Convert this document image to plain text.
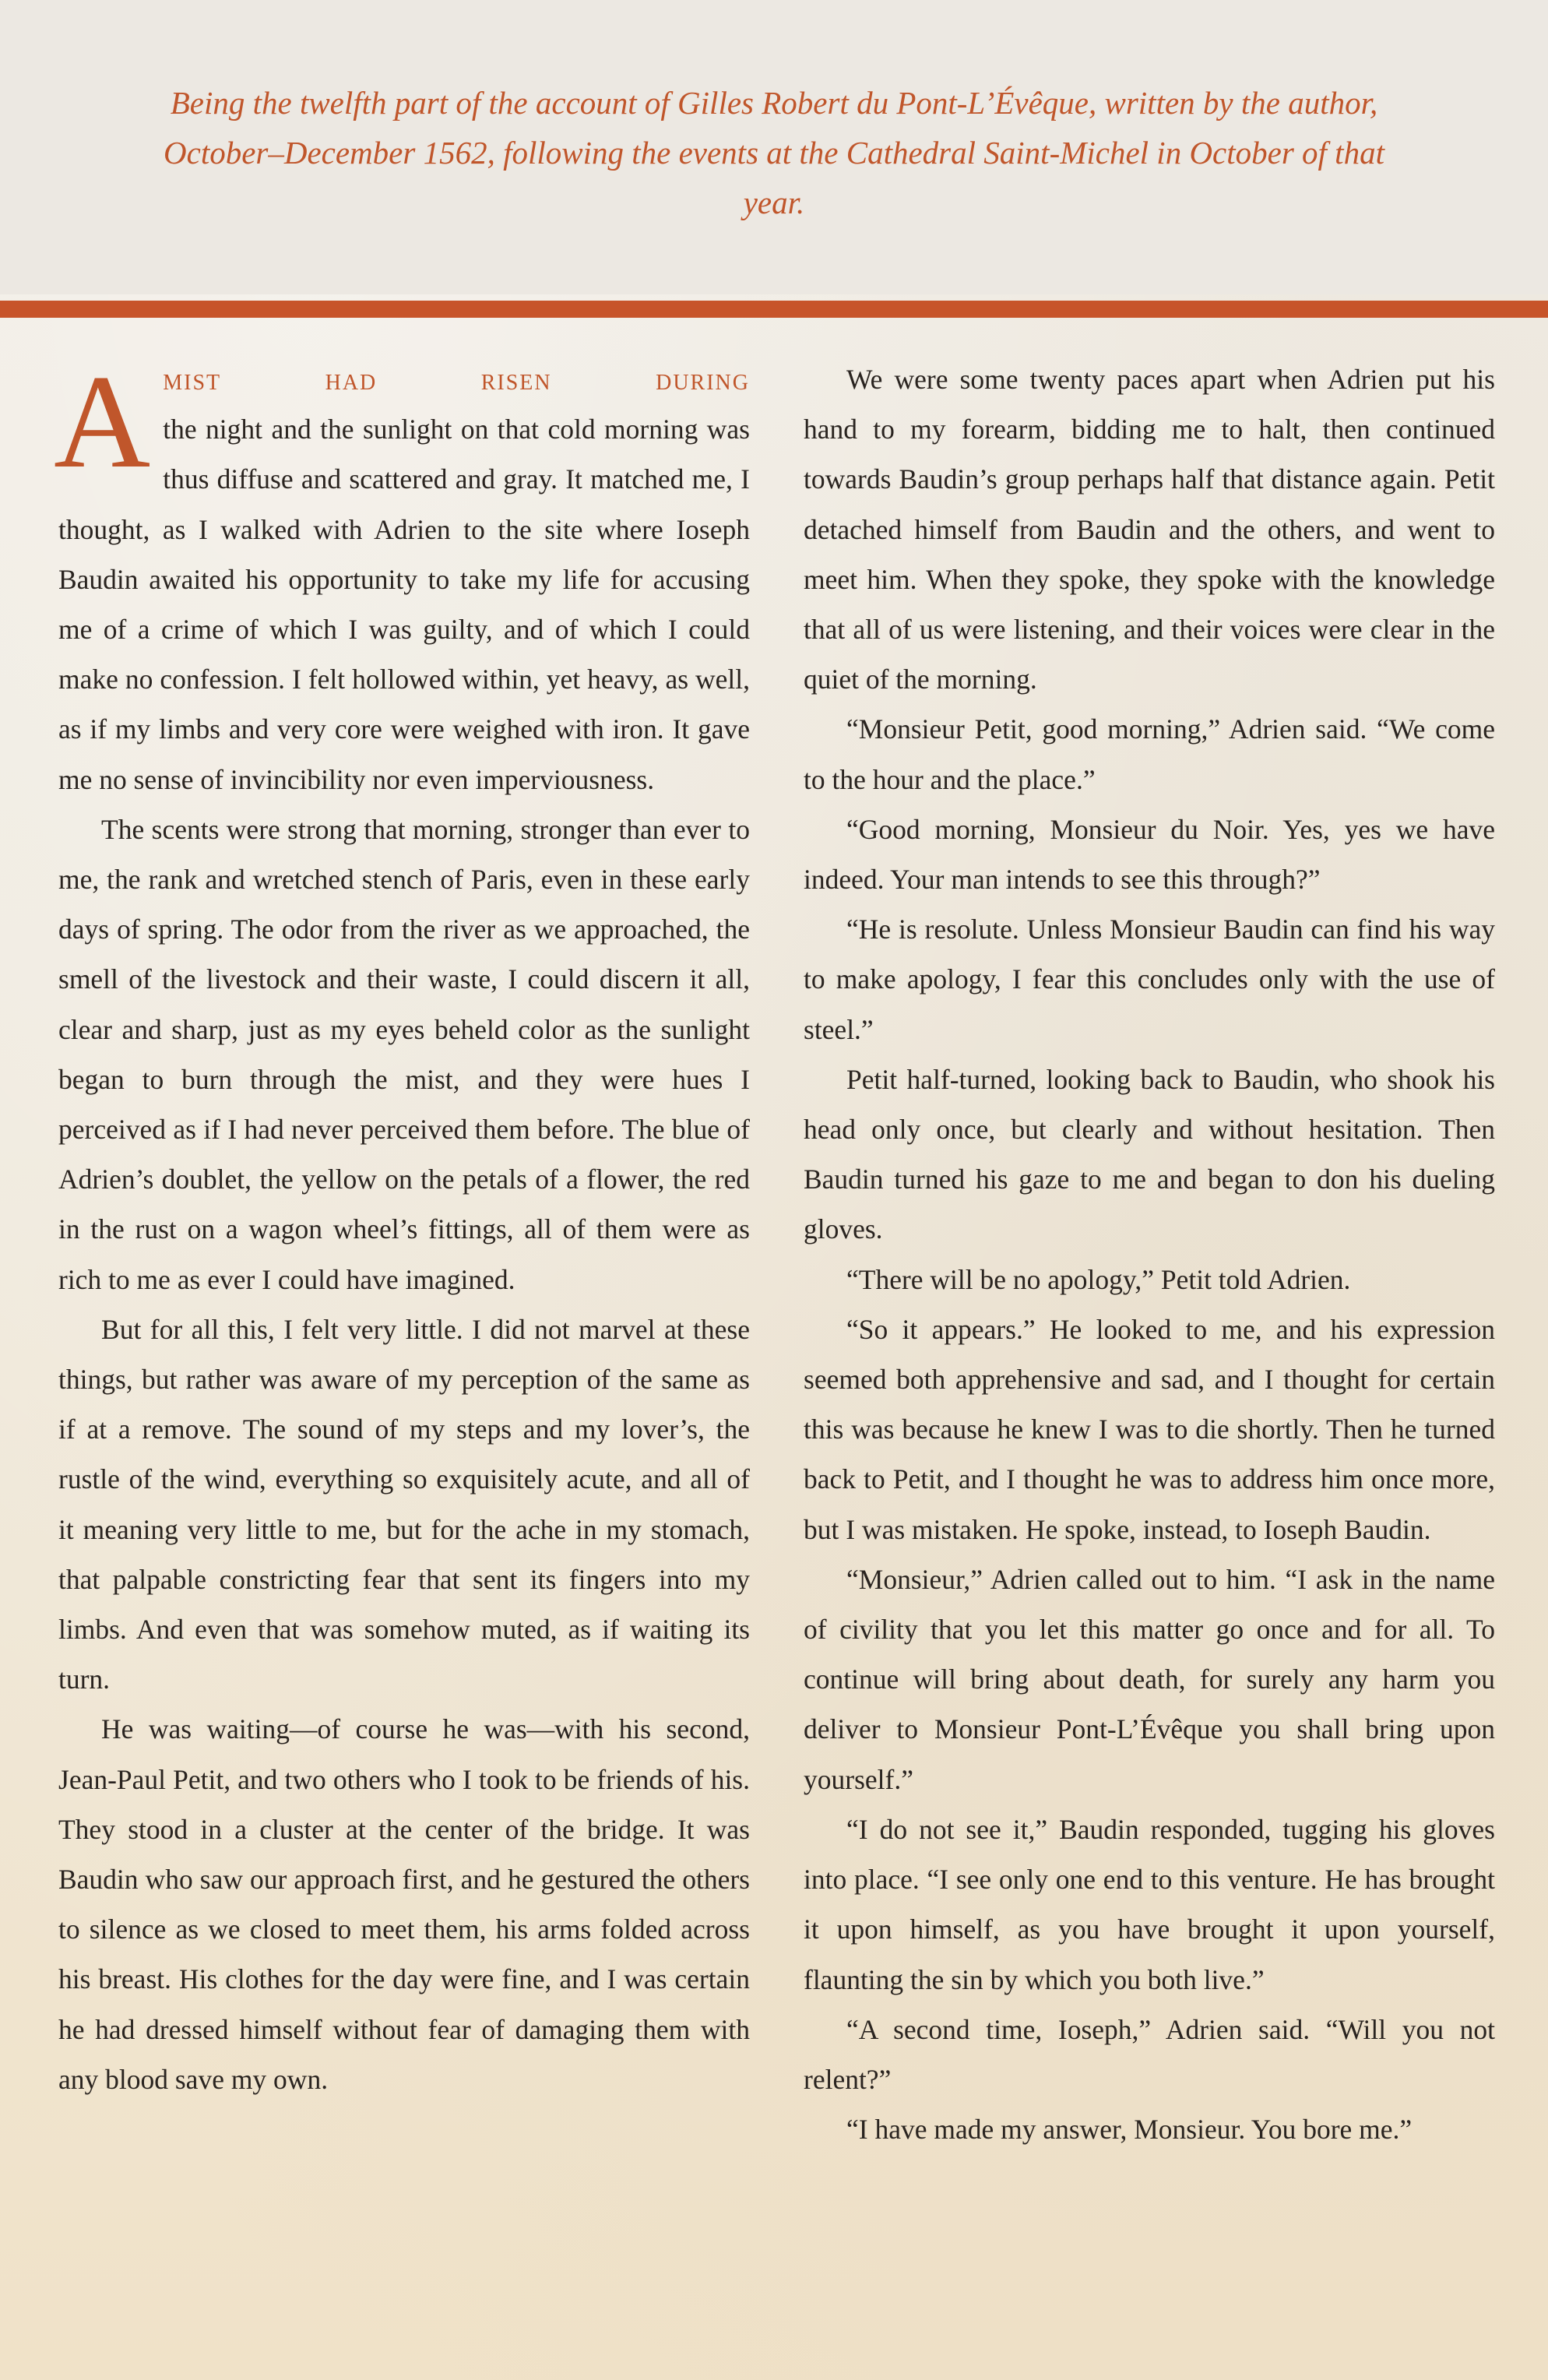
Being the twelfth part of the account of Gilles Robert du Pont-L’Évêque, written by the author, October–December 1562, following the events at the Cathedral Saint-Michel in October of that year.

A mist had risen during
the night and the sunlight on that cold morning was thus diffuse and scattered and gray. It matched me, I thought, as I walked with Adrien to the site where Ioseph Baudin awaited his opportunity to take my life for accusing me of a crime of which I was guilty, and of which I could make no confession. I felt hollowed within, yet heavy, as well, as if my limbs and very core were weighed with iron. It gave me no sense of invincibility nor even imperviousness.

The scents were strong that morning, stronger than ever to me, the rank and wretched stench of Paris, even in these early days of spring. The odor from the river as we approached, the smell of the livestock and their waste, I could discern it all, clear and sharp, just as my eyes beheld color as the sunlight began to burn through the mist, and they were hues I perceived as if I had never perceived them before. The blue of Adrien’s doublet, the yellow on the petals of a flower, the red in the rust on a wagon wheel’s fittings, all of them were as rich to me as ever I could have imagined.

But for all this, I felt very little. I did not marvel at these things, but rather was aware of my perception of the same as if at a remove. The sound of my steps and my lover’s, the rustle of the wind, everything so exquisitely acute, and all of it meaning very little to me, but for the ache in my stomach, that palpable constricting fear that sent its fingers into my limbs. And even that was somehow muted, as if waiting its turn.

He was waiting—of course he was—with his second, Jean-Paul Petit, and two others who I took to be friends of his. They stood in a cluster at the center of the bridge. It was Baudin who saw our approach first, and he gestured the others to silence as we closed to meet them, his arms folded across his breast. His clothes for the day were fine, and I was certain he had dressed himself without fear of damaging them with any blood save my own.

We were some twenty paces apart when Adrien put his hand to my forearm, bidding me to halt, then continued towards Baudin’s group perhaps half that distance again. Petit detached himself from Baudin and the others, and went to meet him. When they spoke, they spoke with the knowledge that all of us were listening, and their voices were clear in the quiet of the morning.

“Monsieur Petit, good morning,” Adrien said. “We come to the hour and the place.”

“Good morning, Monsieur du Noir. Yes, yes we have indeed. Your man intends to see this through?”

“He is resolute. Unless Monsieur Baudin can find his way to make apology, I fear this concludes only with the use of steel.”

Petit half-turned, looking back to Baudin, who shook his head only once, but clearly and without hesitation. Then Baudin turned his gaze to me and began to don his dueling gloves.

“There will be no apology,” Petit told Adrien.

“So it appears.” He looked to me, and his expression seemed both apprehensive and sad, and I thought for certain this was because he knew I was to die shortly. Then he turned back to Petit, and I thought he was to address him once more, but I was mistaken. He spoke, instead, to Ioseph Baudin.

“Monsieur,” Adrien called out to him. “I ask in the name of civility that you let this matter go once and for all. To continue will bring about death, for surely any harm you deliver to Monsieur Pont-L’Évêque you shall bring upon yourself.”

“I do not see it,” Baudin responded, tugging his gloves into place. “I see only one end to this venture. He has brought it upon himself, as you have brought it upon yourself, flaunting the sin by which you both live.”

“A second time, Ioseph,” Adrien said. “Will you not relent?”

“I have made my answer, Monsieur. You bore me.”
